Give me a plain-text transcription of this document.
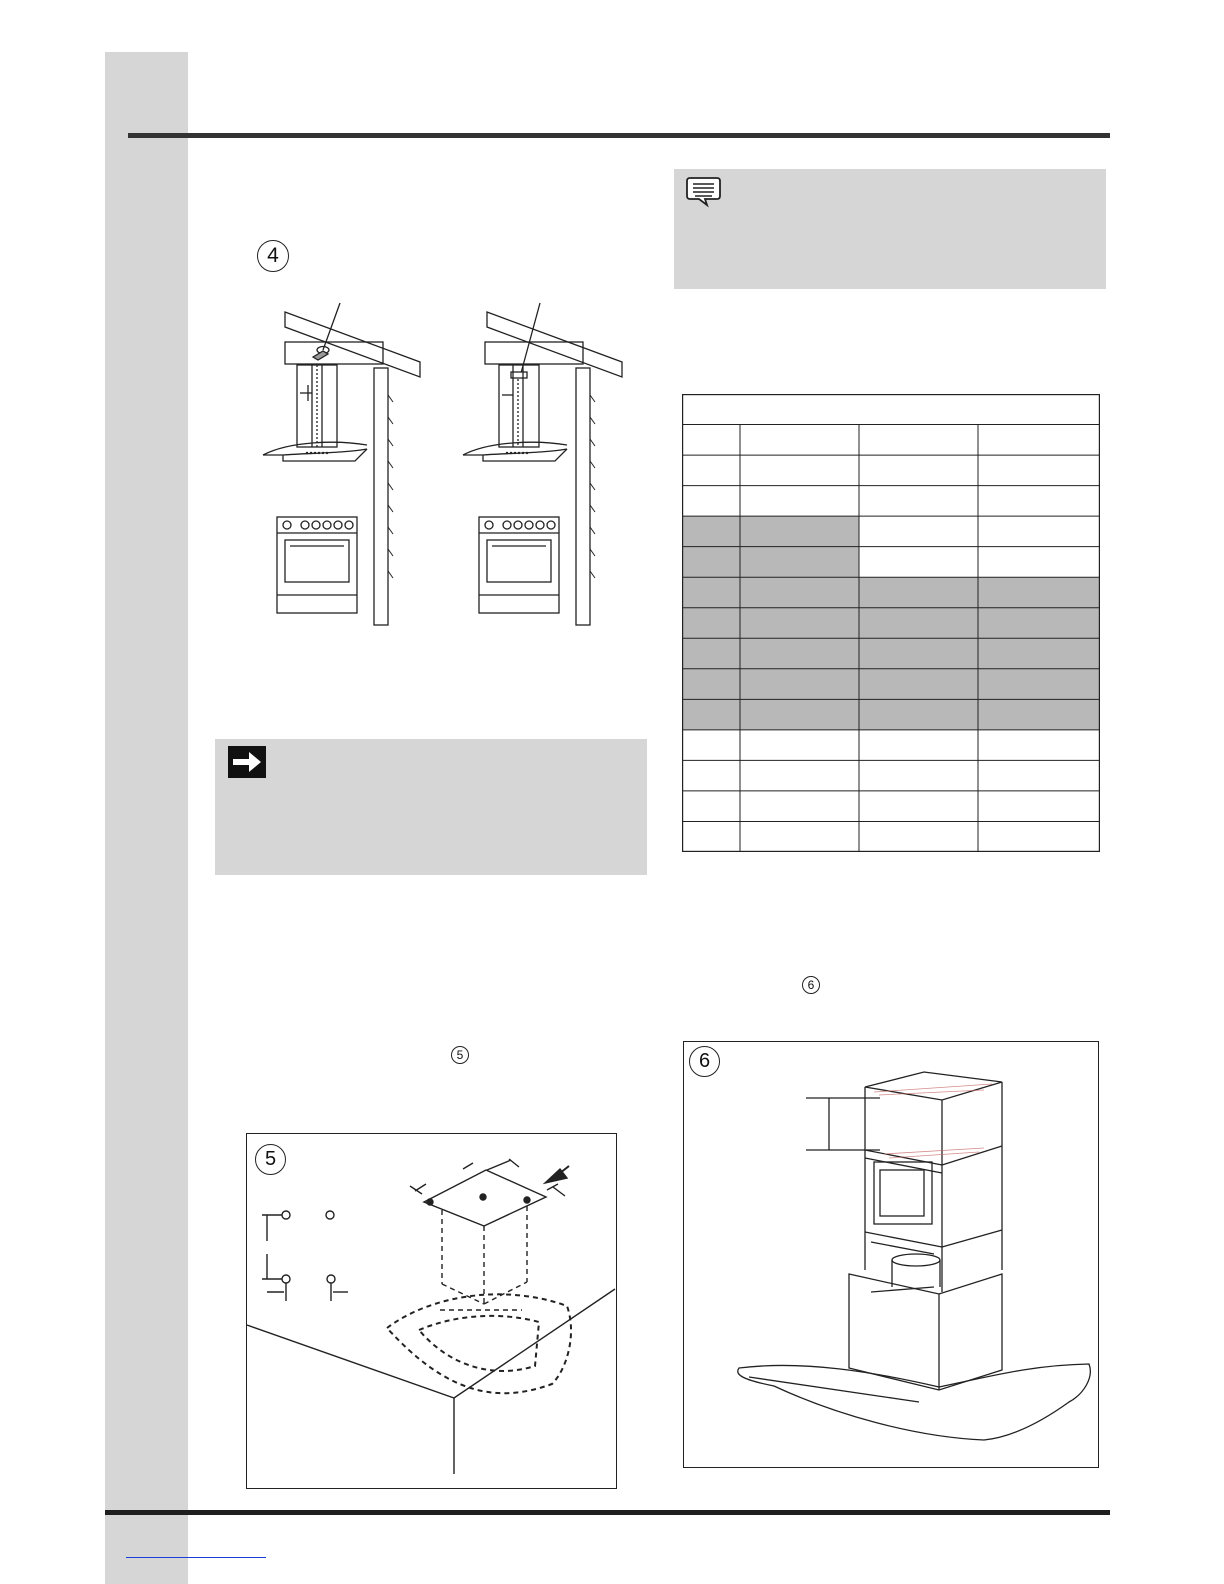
4
5
6
5
6
